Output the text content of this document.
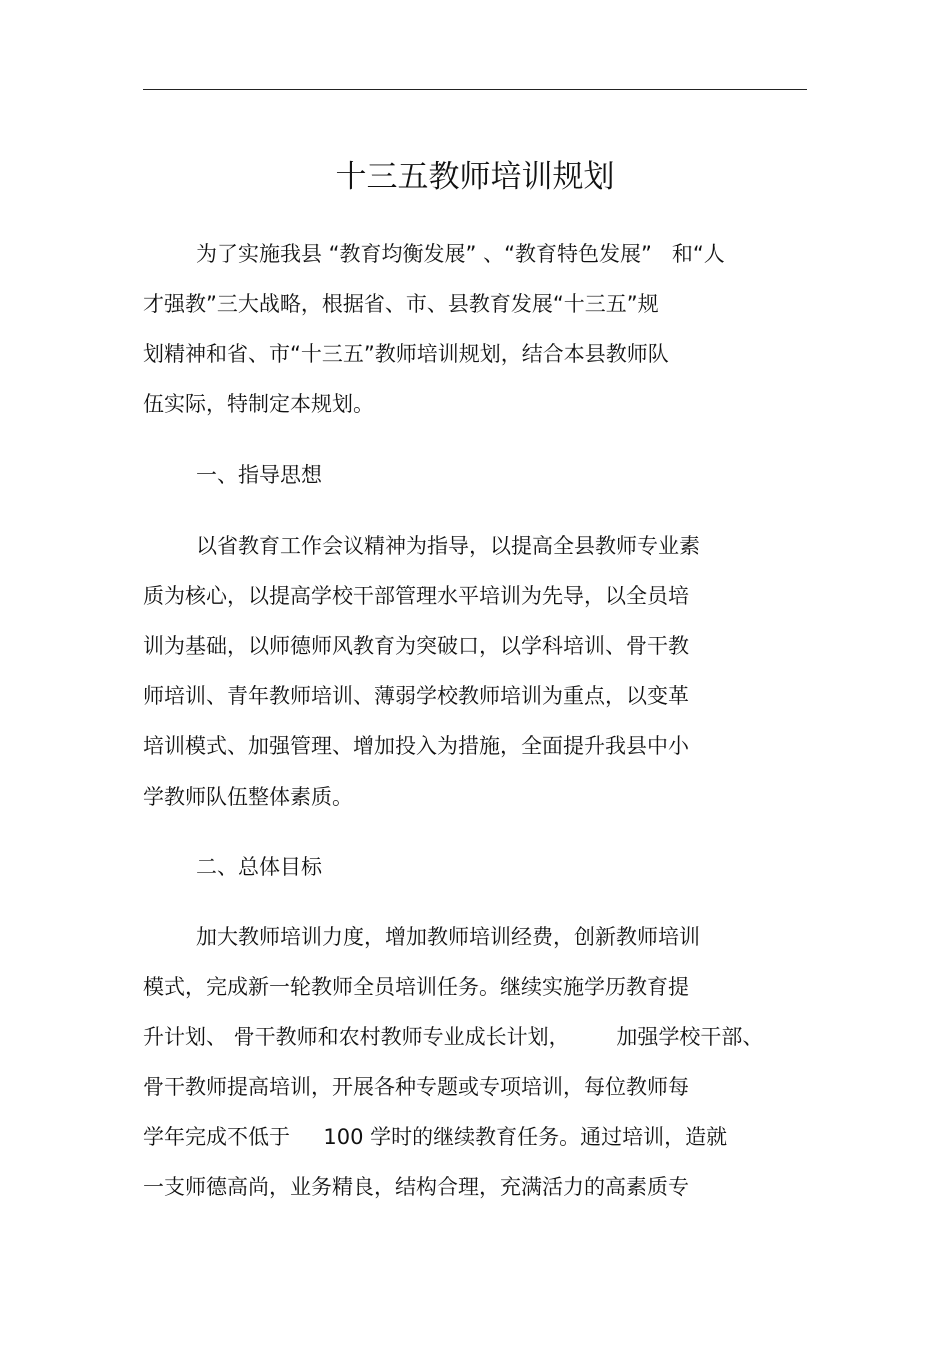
十三五教师培训规划
为了实施我县 “教育均衡发展” 、“教育特色发展”   和“人
才强教”三大战略，根据省、市、县教育发展“十三五”规
划精神和省、市“十三五”教师培训规划，结合本县教师队
伍实际，特制定本规划。
一、指导思想
以省教育工作会议精神为指导，以提高全县教师专业素
质为核心，以提高学校干部管理水平培训为先导，以全员培
训为基础，以师德师风教育为突破口，以学科培训、骨干教
师培训、青年教师培训、薄弱学校教师培训为重点，以变革
培训模式、加强管理、增加投入为措施，全面提升我县中小
学教师队伍整体素质。
二、总体目标
加大教师培训力度，增加教师培训经费，创新教师培训
模式，完成新一轮教师全员培训任务。继续实施学历教育提
升计划、 骨干教师和农村教师专业成长计划，       加强学校干部、
骨干教师提高培训，开展各种专题或专项培训，每位教师每
学年完成不低于     100 学时的继续教育任务。通过培训，造就
一支师德高尚，业务精良，结构合理，充满活力的高素质专
